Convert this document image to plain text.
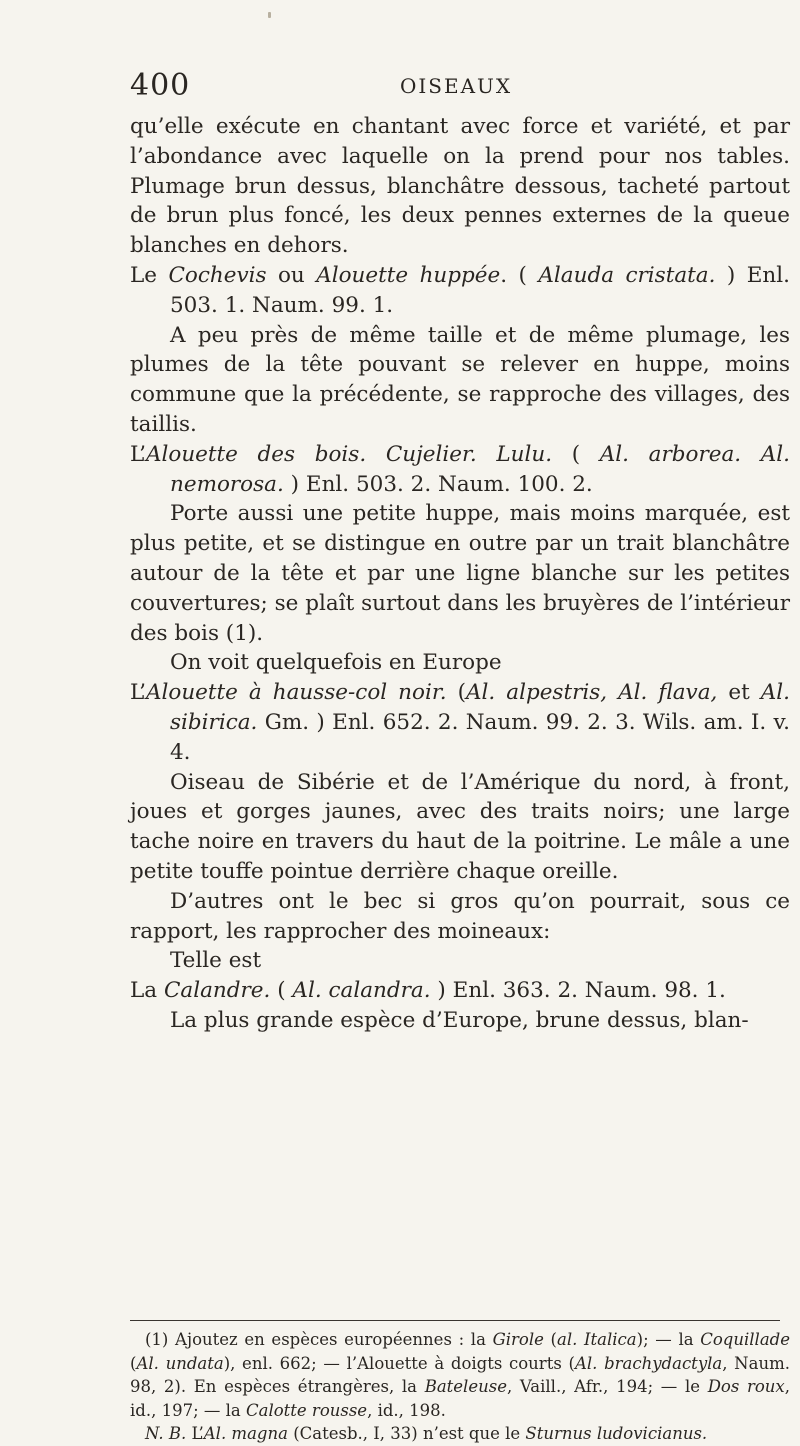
400	OISEAUX

qu’elle exécute en chantant avec force et variété, et par l’abondance avec laquelle on la prend pour nos tables. Plumage brun dessus, blanchâtre dessous, tacheté partout de brun plus foncé, les deux pennes externes de la queue blanches en dehors.

Le Cochevis ou Alouette huppée. ( Alauda cristata. ) Enl. 503. 1. Naum. 99. 1.

A peu près de même taille et de même plumage, les plumes de la tête pouvant se relever en huppe, moins commune que la précédente, se rapproche des villages, des taillis.

L’Alouette des bois. Cujelier. Lulu. ( Al. arborea. Al. nemorosa. ) Enl. 503. 2. Naum. 100. 2.

Porte aussi une petite huppe, mais moins marquée, est plus petite, et se distingue en outre par un trait blanchâtre autour de la tête et par une ligne blanche sur les petites couvertures; se plaît surtout dans les bruyères de l’intérieur des bois (1).

On voit quelquefois en Europe

L’Alouette à hausse-col noir. (Al. alpestris, Al. flava, et Al. sibirica. Gm. ) Enl. 652. 2. Naum. 99. 2. 3. Wils. am. I. v. 4.

Oiseau de Sibérie et de l’Amérique du nord, à front, joues et gorges jaunes, avec des traits noirs; une large tache noire en travers du haut de la poitrine. Le mâle a une petite touffe pointue derrière chaque oreille.

D’autres ont le bec si gros qu’on pourrait, sous ce rapport, les rapprocher des moineaux:

Telle est

La Calandre. ( Al. calandra. ) Enl. 363. 2. Naum. 98. 1.

La plus grande espèce d’Europe, brune dessus, blan-

(1) Ajoutez en espèces européennes : la Girole (al. Italica); — la Coquillade (Al. undata), enl. 662; — l’Alouette à doigts courts (Al. brachydactyla, Naum. 98, 2). En espèces étrangères, la Bateleuse, Vaill., Afr., 194; — le Dos roux, id., 197; — la Calotte rousse, id., 198.

N. B. L’Al. magna (Catesb., I, 33) n’est que le Sturnus ludovicianus.
